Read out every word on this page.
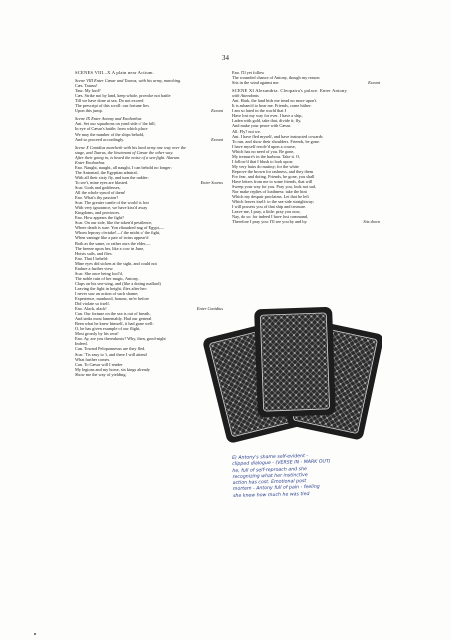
34
SCENES VIII.–X A plain near Actium.
Scene VIII Enter Cæsar and Taurus, with his army, marching.
Cæs. Taurus!
Taur. My lord?
Cæs. Strike not by land, keep whole, provoke not battle
Till we have done at sea. Do not exceed
The prescript of this scroll: our fortune lies
Upon this jump.	Exeunt
Scene IX Enter Antony and Enobarbus
Ant. Set our squadrons on yond side o' the hill,
In eye of Cæsar's battle; from which place
We may the number of the ships behold,
And so proceed accordingly.	Exeunt
Scene X Canidius marcheth with his land army one way over the
stage, and Taurus, the lieutenant of Cæsar the other way.
After their going in, is heard the noise of a sea-fight. Alarum.
Enter Enobarbus
Eno. Naught, naught, all naught, I can behold no longer:
The Antoniad, the Egyptian admiral,
With all their sixty fly, and turn the rudder:
To see't, mine eyes are blasted.	Enter Scarus
Scar. Gods and goddesses,
All the whole synod of them!
Eno. What's thy passion?
Scar. The greater cantle of the world is lost
With very ignorance, we have kiss'd away
Kingdoms, and provinces.
Eno. How appears the fight?
Scar. On our side, like the token'd pestilence,
Where death is sure. Yon ribaudred nag of Egypt,—
Whom leprosy o'ertake!—i' the midst o' the fight,
When vantage like a pair of twins appear'd
Both as the same, or rather ours the elder,—
The breeze upon her, like a cow in June,
Hoists sails, and flies.
Eno. That I beheld:
Mine eyes did sicken at the sight, and could not
Endure a further view.
Scar. She once being loof'd,
The noble ruin of her magic, Antony,
Claps on his sea-wing, and (like a doting mallard)
Leaving the fight in height, flies after her:
I never saw an action of such shame;
Experience, manhood, honour, ne'er before
Did violate so itself.
Eno. Alack, alack!	Enter Canidius
Can. Our fortune on the sea is out of breath,
And sinks most lamentably. Had our general
Been what he knew himself, it had gone well:
O, he has given example of our flight,
Most grossly by his own!
Eno. Ay, are you thereabouts? Why, then, good-night
Indeed.
Can. Toward Peloponnesus are they fled.
Scar. 'Tis easy to 't, and there I will attend
What further comes.
Can. To Cæsar will I render
My legions and my horse, six kings already
Show me the way of yielding.
Eno. I'll yet follow
The wounded chance of Antony, though my reason
Sits in the wind against me.	Exeunt
SCENE XI Alexandria. Cleopatra's palace. Enter Antony
with Attendants
Ant. Hark, the land bids me tread no more upon't.
It is asham'd to bear me. Friends, come hither:
I am so lated in the world that I
Have lost my way for ever. I have a ship,
Laden with gold, take that, divide it; fly,
And make your peace with Cæsar.
All. Fly? not we.
Ant. I have fled myself, and have instructed cowards
To run, and show their shoulders. Friends, be gone.
I have myself resolv'd upon a course,
Which has no need of you. Be gone,
My treasure's in the harbour. Take it. O,
I follow'd that I blush to look upon:
My very hairs do mutiny; for the white
Reprove the brown for rashness, and they them
For fear, and doting. Friends, be gone, you shall
Have letters from me to some friends, that will
Sweep your way for you. Pray you, look not sad,
Nor make replies of loathness: take the hint
Which my despair proclaims. Let that be left
Which leaves itself: to the sea-side straightway;
I will possess you of that ship and treasure.
Leave me, I pray, a little: pray you now,
Nay, do so: for indeed I have lost command,
Therefore I pray you: I'll see you by and by.	Sits down
E) Antony's shame self-evident -
clipped dialogue - (VERSE IN - MARK OUT)
he, full of self-reproach and she
recognizing what her instinctive
action has cost. Emotional post
mortem - Antony full of pain - feeling
she knew how much he was tied
